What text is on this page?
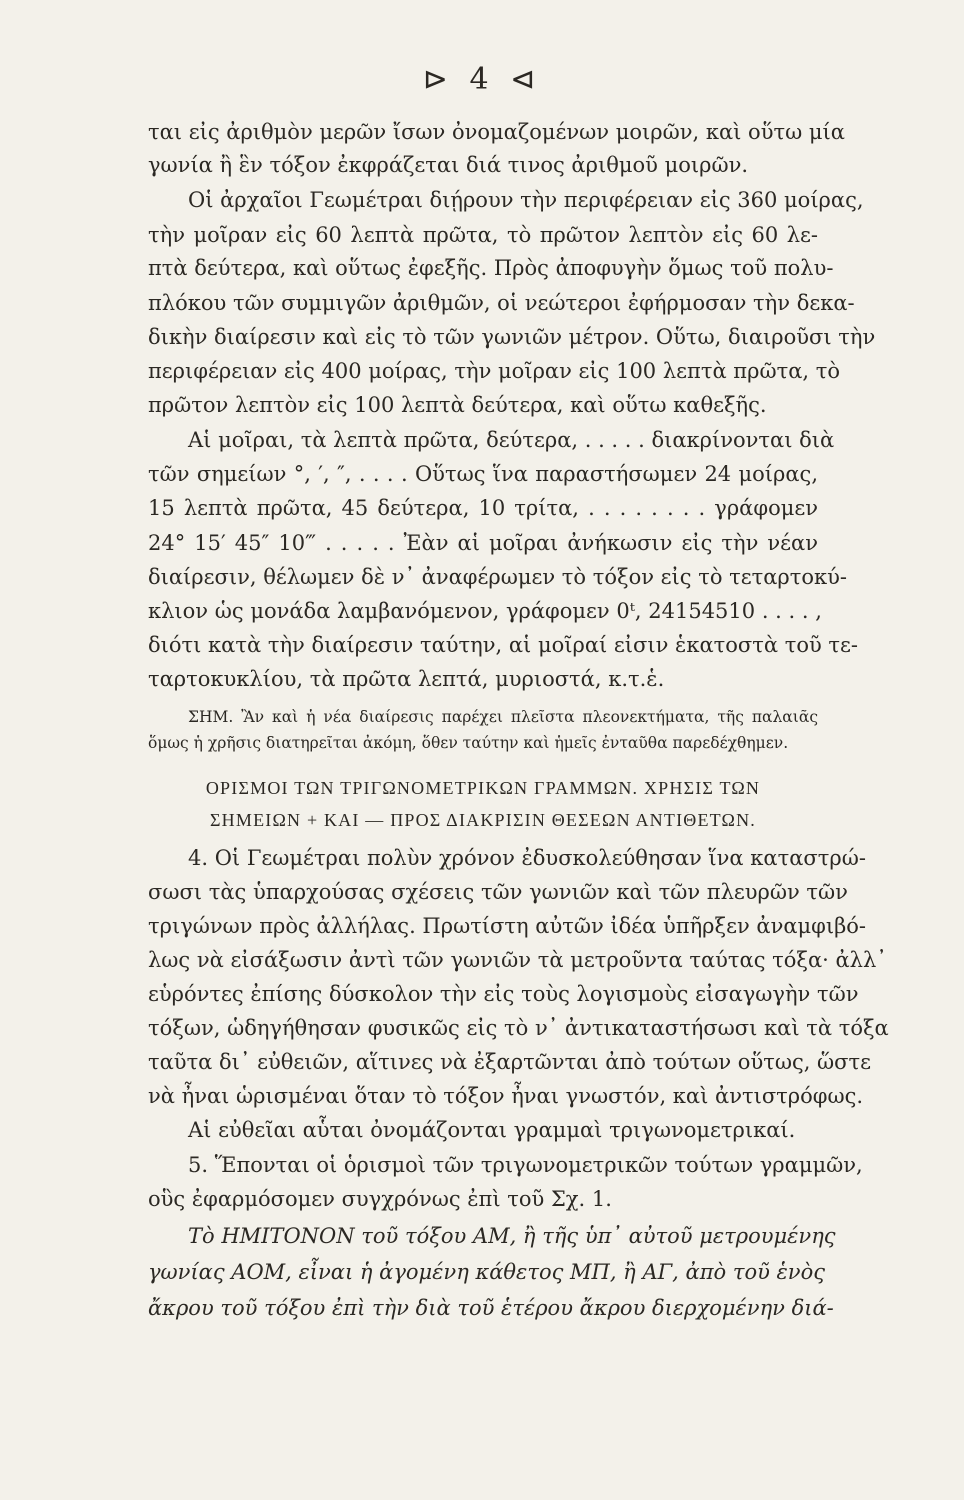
⊳ 4 ⊲
ται εἰς ἀριθμὸν μερῶν ἴσων ὀνομαζομένων μοιρῶν, καὶ οὕτω μία
γωνία ἢ ἓν τόξον ἐκφράζεται διά τινος ἀριθμοῦ μοιρῶν.
Οἱ ἀρχαῖοι Γεωμέτραι διῄρουν τὴν περιφέρειαν εἰς 360 μοίρας,
τὴν μοῖραν εἰς 60 λεπτὰ πρῶτα, τὸ πρῶτον λεπτὸν εἰς 60 λε-
πτὰ δεύτερα, καὶ οὕτως ἐφεξῆς. Πρὸς ἀποφυγὴν ὅμως τοῦ πολυ-
πλόκου τῶν συμμιγῶν ἀριθμῶν, οἱ νεώτεροι ἐφήρμοσαν τὴν δεκα-
δικὴν διαίρεσιν καὶ εἰς τὸ τῶν γωνιῶν μέτρον. Οὕτω, διαιροῦσι τὴν
περιφέρειαν εἰς 400 μοίρας, τὴν μοῖραν εἰς 100 λεπτὰ πρῶτα, τὸ
πρῶτον λεπτὸν εἰς 100 λεπτὰ δεύτερα, καὶ οὕτω καθεξῆς.
Αἱ μοῖραι, τὰ λεπτὰ πρῶτα, δεύτερα, . . . . . διακρίνονται διὰ
τῶν σημείων °, ′, ″, . . . . Οὕτως ἵνα παραστήσωμεν 24 μοίρας,
15 λεπτὰ πρῶτα, 45 δεύτερα, 10 τρίτα, . . . . . . . . γράφομεν
24° 15′ 45″ 10‴ . . . . . Ἐὰν αἱ μοῖραι ἀνήκωσιν εἰς τὴν νέαν
διαίρεσιν, θέλωμεν δὲ ν᾽ ἀναφέρωμεν τὸ τόξον εἰς τὸ τεταρτοκύ-
κλιον ὡς μονάδα λαμβανόμενον, γράφομεν 0ᵗ, 24154510 . . . . ,
διότι κατὰ τὴν διαίρεσιν ταύτην, αἱ μοῖραί εἰσιν ἑκατοστὰ τοῦ τε-
ταρτοκυκλίου, τὰ πρῶτα λεπτά, μυριοστά, κ.τ.ἑ.
ΣΗΜ. Ἂν καὶ ἡ νέα διαίρεσις παρέχει πλεῖστα πλεονεκτήματα, τῆς παλαιᾶς
ὅμως ἡ χρῆσις διατηρεῖται ἀκόμη, ὅθεν ταύτην καὶ ἡμεῖς ἐνταῦθα παρεδέχθημεν.
ΟΡΙΣΜΟΙ ΤΩΝ ΤΡΙΓΩΝΟΜΕΤΡΙΚΩΝ ΓΡΑΜΜΩΝ. ΧΡΗΣΙΣ ΤΩΝ
ΣΗΜΕΙΩΝ + ΚΑΙ — ΠΡΟΣ ΔΙΑΚΡΙΣΙΝ ΘΕΣΕΩΝ ΑΝΤΙΘΕΤΩΝ.
4. Οἱ Γεωμέτραι πολὺν χρόνον ἐδυσκολεύθησαν ἵνα καταστρώ-
σωσι τὰς ὑπαρχούσας σχέσεις τῶν γωνιῶν καὶ τῶν πλευρῶν τῶν
τριγώνων πρὸς ἀλλήλας. Πρωτίστη αὐτῶν ἰδέα ὑπῆρξεν ἀναμφιβό-
λως νὰ εἰσάξωσιν ἀντὶ τῶν γωνιῶν τὰ μετροῦντα ταύτας τόξα· ἀλλ᾽
εὑρόντες ἐπίσης δύσκολον τὴν εἰς τοὺς λογισμοὺς εἰσαγωγὴν τῶν
τόξων, ὡδηγήθησαν φυσικῶς εἰς τὸ ν᾽ ἀντικαταστήσωσι καὶ τὰ τόξα
ταῦτα δι᾽ εὐθειῶν, αἵτινες νὰ ἐξαρτῶνται ἀπὸ τούτων οὕτως, ὥστε
νὰ ἦναι ὡρισμέναι ὅταν τὸ τόξον ἦναι γνωστόν, καὶ ἀντιστρόφως.
Αἱ εὐθεῖαι αὗται ὀνομάζονται γραμμαὶ τριγωνομετρικαί.
5. Ἕπονται οἱ ὁρισμοὶ τῶν τριγωνομετρικῶν τούτων γραμμῶν,
οὓς ἐφαρμόσομεν συγχρόνως ἐπὶ τοῦ Σχ. 1.
Τὸ ΗΜΙΤΟΝΟΝ τοῦ τόξου ΑΜ, ἢ τῆς ὑπ᾽ αὐτοῦ μετρουμένης
γωνίας ΑΟΜ, εἶναι ἡ ἀγομένη κάθετος ΜΠ, ἢ ΑΓ, ἀπὸ τοῦ ἑνὸς
ἄκρου τοῦ τόξου ἐπὶ τὴν διὰ τοῦ ἑτέρου ἄκρου διερχομένην διά-
